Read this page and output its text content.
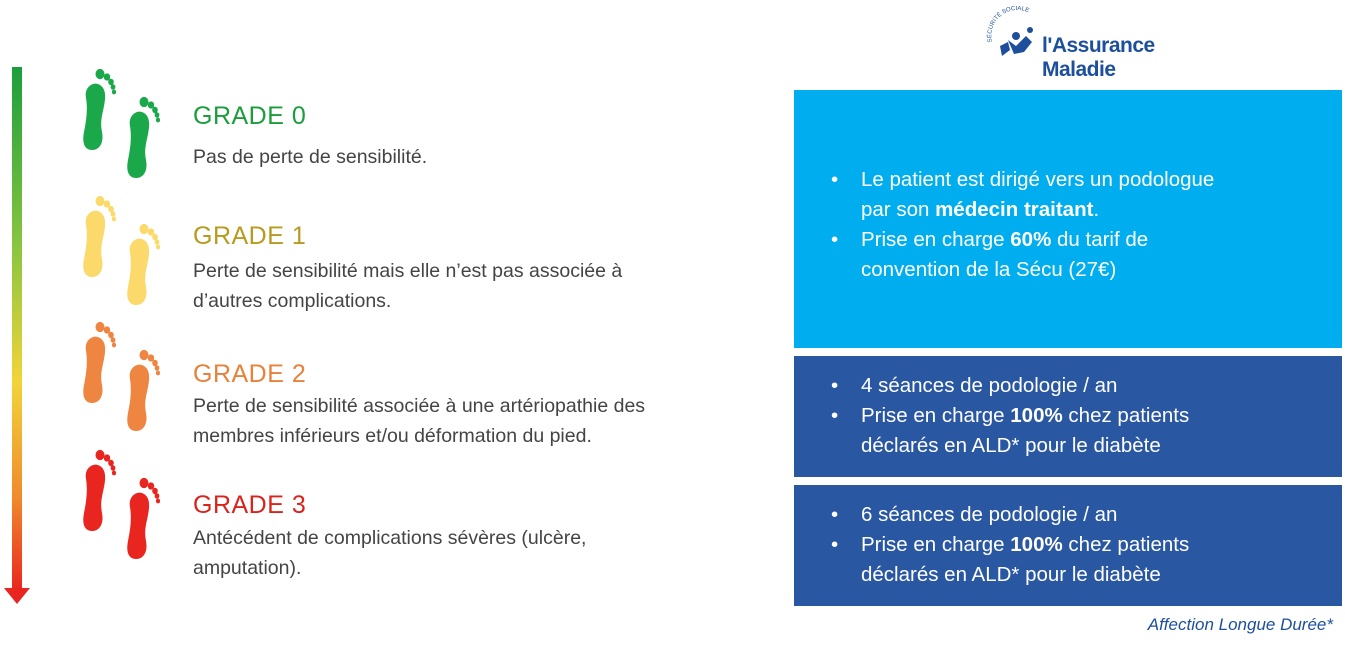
GRADE 0

Pas de perte de sensibilité.

GRADE 1

Perte de sensibilité mais elle n’est pas associée à
d’autres complications.

GRADE 2

Perte de sensibilité associée à une artériopathie des
membres inférieurs et/ou déformation du pied.

GRADE 3

Antécédent de complications sévères (ulcère,
amputation).

SÉCURITÉ SOCIALE
l'Assurance
Maladie
• Le patient est dirigé vers un podologue
par son médecin traitant.
• Prise en charge 60% du tarif de
convention de la Sécu (27€)
• 4 séances de podologie / an
• Prise en charge 100% chez patients
déclarés en ALD* pour le diabète
• 6 séances de podologie / an
• Prise en charge 100% chez patients
déclarés en ALD* pour le diabète
Affection Longue Durée*
